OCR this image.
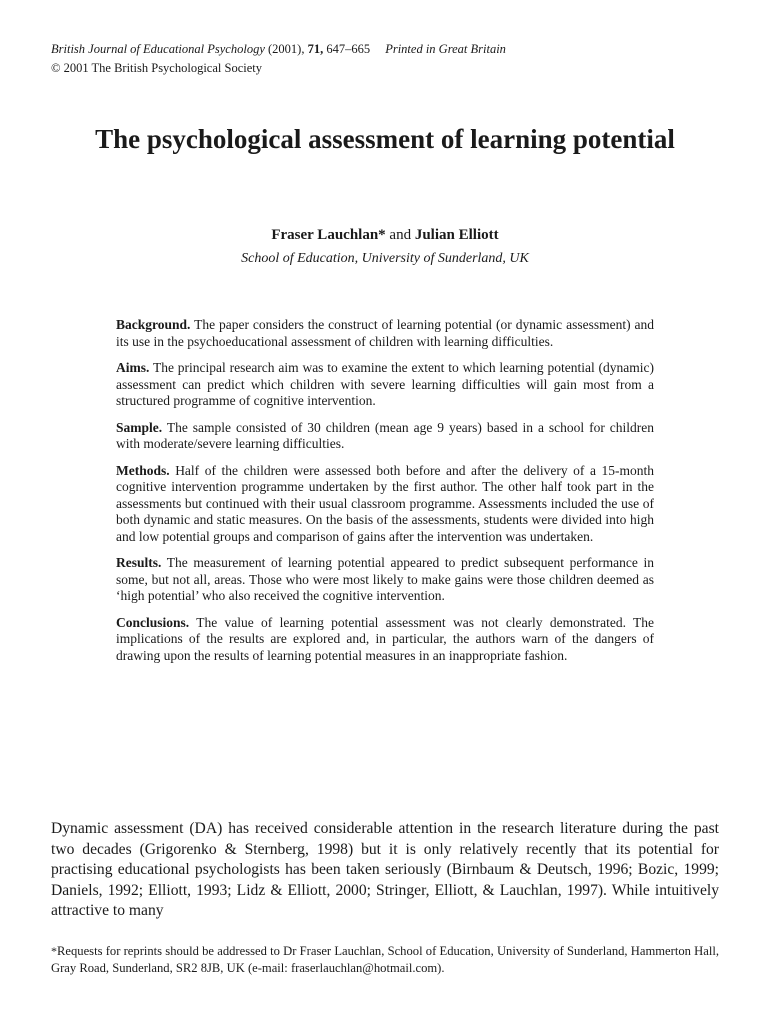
British Journal of Educational Psychology (2001), 71, 647–665 Printed in Great Britain
© 2001 The British Psychological Society
The psychological assessment of learning potential
Fraser Lauchlan* and Julian Elliott
School of Education, University of Sunderland, UK

Background. The paper considers the construct of learning potential (or dynamic assessment) and its use in the psychoeducational assessment of children with learning difficulties.

Aims. The principal research aim was to examine the extent to which learning potential (dynamic) assessment can predict which children with severe learning difficulties will gain most from a structured programme of cognitive intervention.

Sample. The sample consisted of 30 children (mean age 9 years) based in a school for children with moderate/severe learning difficulties.

Methods. Half of the children were assessed both before and after the delivery of a 15-month cognitive intervention programme undertaken by the first author. The other half took part in the assessments but continued with their usual classroom programme. Assessments included the use of both dynamic and static measures. On the basis of the assessments, students were divided into high and low potential groups and comparison of gains after the intervention was undertaken.

Results. The measurement of learning potential appeared to predict subsequent performance in some, but not all, areas. Those who were most likely to make gains were those children deemed as ‘high potential’ who also received the cognitive intervention.

Conclusions. The value of learning potential assessment was not clearly demonstrated. The implications of the results are explored and, in particular, the authors warn of the dangers of drawing upon the results of learning potential measures in an inappropriate fashion.

Dynamic assessment (DA) has received considerable attention in the research literature during the past two decades (Grigorenko & Sternberg, 1998) but it is only relatively recently that its potential for practising educational psychologists has been taken seriously (Birnbaum & Deutsch, 1996; Bozic, 1999; Daniels, 1992; Elliott, 1993; Lidz & Elliott, 2000; Stringer, Elliott, & Lauchlan, 1997). While intuitively attractive to many
*Requests for reprints should be addressed to Dr Fraser Lauchlan, School of Education, University of Sunderland, Hammerton Hall, Gray Road, Sunderland, SR2 8JB, UK (e-mail: fraserlauchlan@hotmail.com).
